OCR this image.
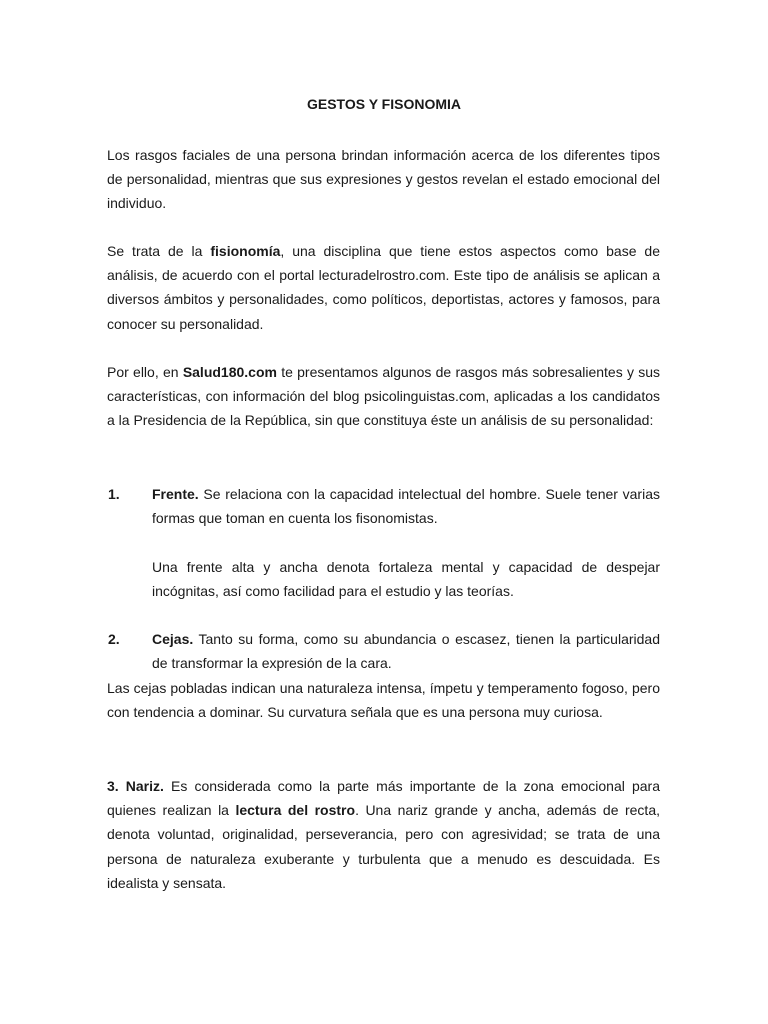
GESTOS Y FISONOMIA
Los rasgos faciales de una persona brindan información acerca de los diferentes tipos de personalidad, mientras que sus expresiones y gestos revelan el estado emocional del individuo.
Se trata de la fisionomía, una disciplina que tiene estos aspectos como base de análisis, de acuerdo con el portal lecturadelrostro.com. Este tipo de análisis se aplican a diversos ámbitos y personalidades, como políticos, deportistas, actores y famosos, para conocer su personalidad.
Por ello, en Salud180.com te presentamos algunos de rasgos más sobresalientes y sus características, con información del blog psicolinguistas.com, aplicadas a los candidatos a la Presidencia de la República, sin que constituya éste un análisis de su personalidad:
1. Frente. Se relaciona con la capacidad intelectual del hombre. Suele tener varias formas que toman en cuenta los fisonomistas.
Una frente alta y ancha denota fortaleza mental y capacidad de despejar incógnitas, así como facilidad para el estudio y las teorías.
2. Cejas. Tanto su forma, como su abundancia o escasez, tienen la particularidad de transformar la expresión de la cara.
Las cejas pobladas indican una naturaleza intensa, ímpetu y temperamento fogoso, pero con tendencia a dominar. Su curvatura señala que es una persona muy curiosa.
3. Nariz. Es considerada como la parte más importante de la zona emocional para quienes realizan la lectura del rostro. Una nariz grande y ancha, además de recta, denota voluntad, originalidad, perseverancia, pero con agresividad; se trata de una persona de naturaleza exuberante y turbulenta que a menudo es descuidada. Es idealista y sensata.
